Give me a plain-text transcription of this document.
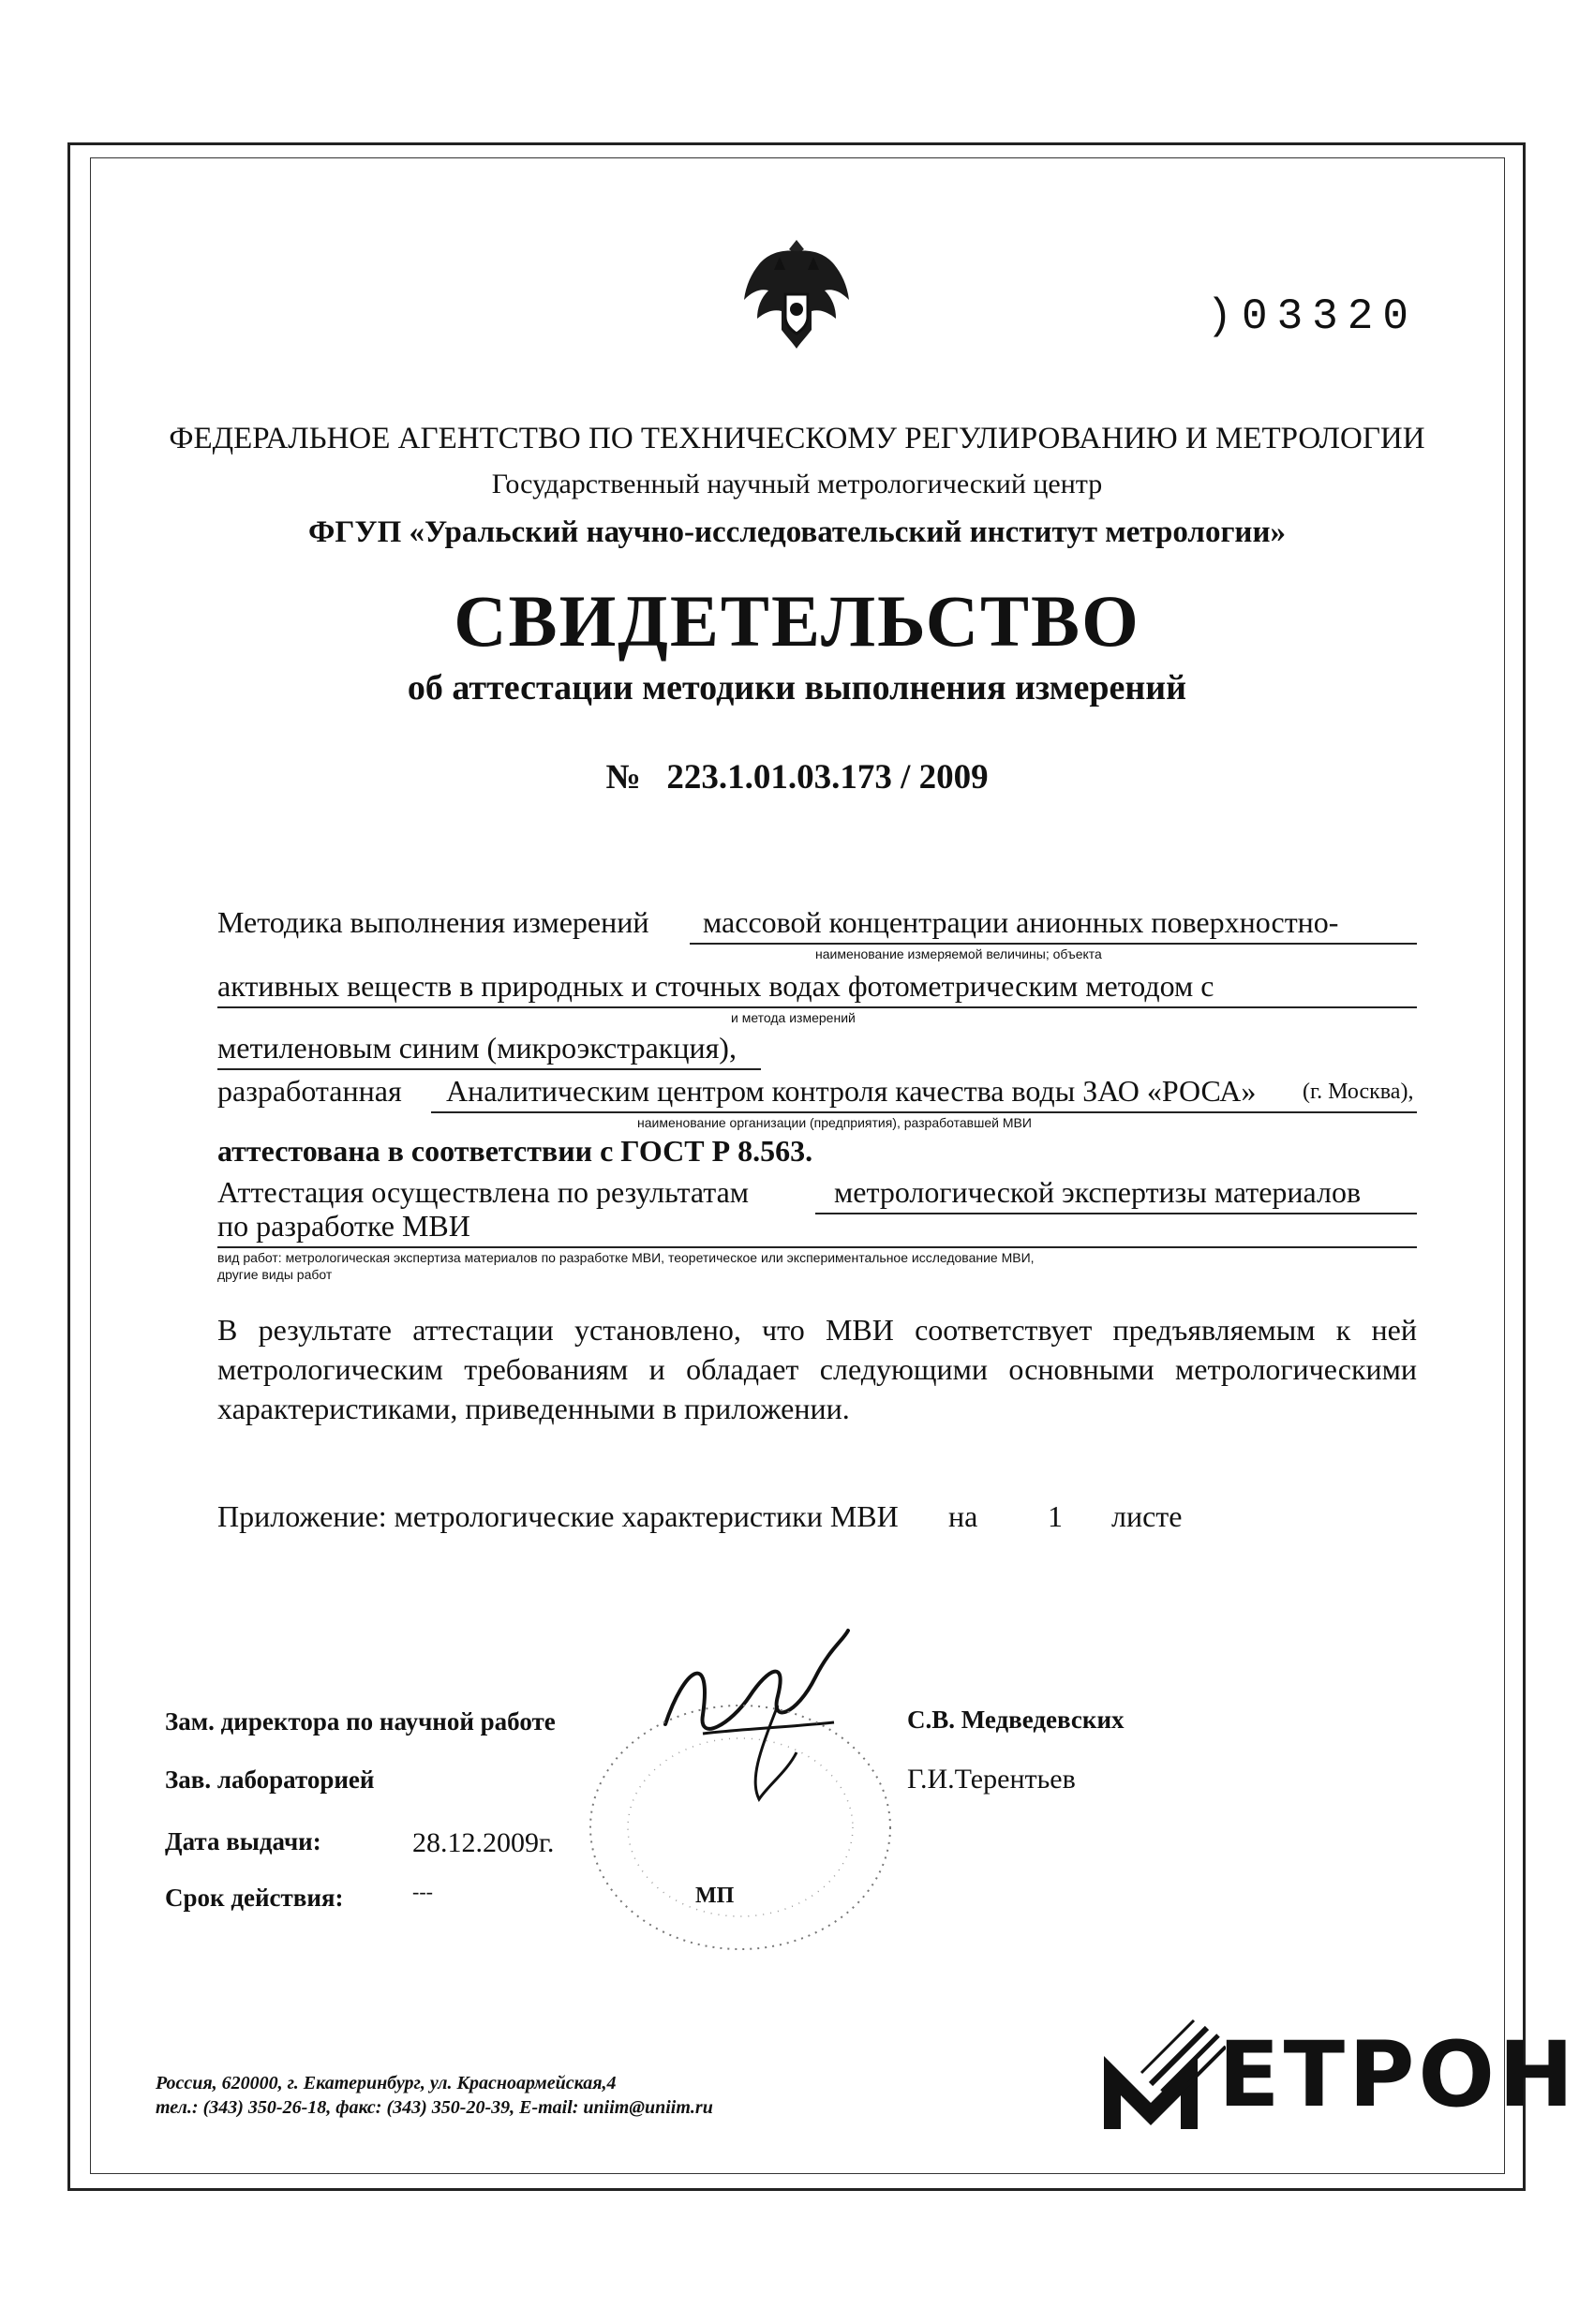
)03320
ФЕДЕРАЛЬНОЕ АГЕНТСТВО ПО ТЕХНИЧЕСКОМУ РЕГУЛИРОВАНИЮ И МЕТРОЛОГИИ
Государственный научный метрологический центр
ФГУП «Уральский научно-исследовательский институт метрологии»
СВИДЕТЕЛЬСТВО
об аттестации методики выполнения измерений
№ 223.1.01.03.173 / 2009
Методика выполнения измерений массовой концентрации анионных поверхностно-
наименование измеряемой величины; объекта
активных веществ в природных и сточных водах фотометрическим методом с
и метода измерений
метиленовым синим (микроэкстракция),
разработанная Аналитическим центром контроля качества воды ЗАО «РОСА» (г. Москва),
наименование организации (предприятия), разработавшей МВИ
аттестована в соответствии с ГОСТ Р 8.563.
Аттестация осуществлена по результатам	метрологической экспертизы материалов
по разработке МВИ
вид работ: метрологическая экспертиза материалов по разработке МВИ, теоретическое или экспериментальное исследование МВИ,
другие виды работ
В результате аттестации установлено, что МВИ соответствует предъявляемым к ней метрологическим требованиям и обладает следующими основными метрологическими характеристиками, приведенными в приложении.
Приложение: метрологические характеристики МВИ на 1 листе
Зам. директора по научной работе	С.В. Медведевских
Зав. лабораторией	Г.И.Терентьев
Дата выдачи:	28.12.2009г.
Срок действия:	---	МП
Россия, 620000, г. Екатеринбург, ул. Красноармейская,4
тел.: (343) 350-26-18, факс: (343) 350-20-39, E-mail: uniim@uniim.ru	ЕТРОН
